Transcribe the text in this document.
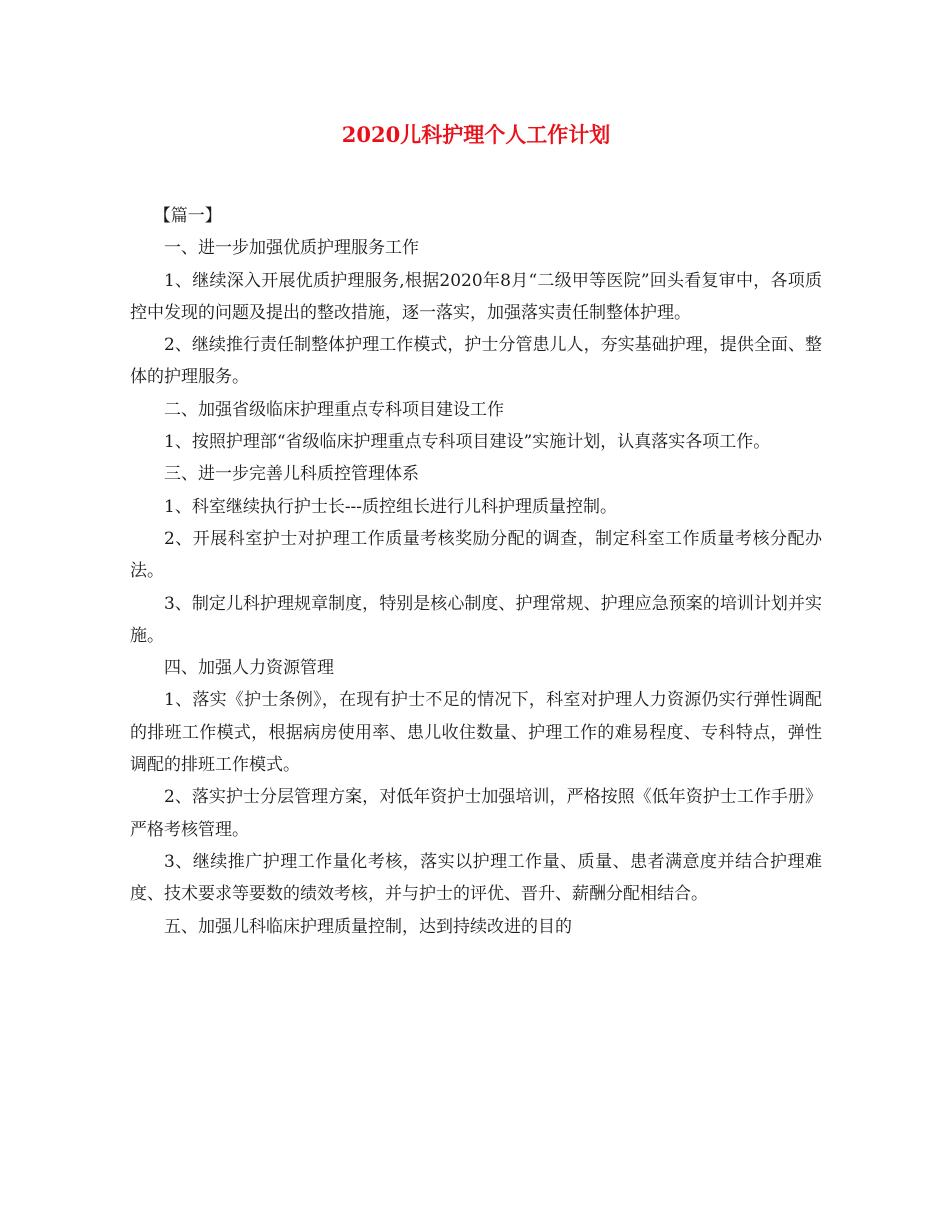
2020儿科护理个人工作计划

【篇一】

一、进一步加强优质护理服务工作

1、继续深入开展优质护理服务,根据2020年8月“二级甲等医院”回头看复审中，各项质控中发现的问题及提出的整改措施，逐一落实，加强落实责任制整体护理。

2、继续推行责任制整体护理工作模式，护士分管患儿人，夯实基础护理，提供全面、整体的护理服务。

二、加强省级临床护理重点专科项目建设工作

1、按照护理部“省级临床护理重点专科项目建设”实施计划，认真落实各项工作。

三、进一步完善儿科质控管理体系

1、科室继续执行护士长---质控组长进行儿科护理质量控制。

2、开展科室护士对护理工作质量考核奖励分配的调查，制定科室工作质量考核分配办法。

3、制定儿科护理规章制度，特别是核心制度、护理常规、护理应急预案的培训计划并实施。

四、加强人力资源管理

1、落实《护士条例》，在现有护士不足的情况下，科室对护理人力资源仍实行弹性调配的排班工作模式，根据病房使用率、患儿收住数量、护理工作的难易程度、专科特点，弹性调配的排班工作模式。

2、落实护士分层管理方案，对低年资护士加强培训，严格按照《低年资护士工作手册》严格考核管理。

3、继续推广护理工作量化考核，落实以护理工作量、质量、患者满意度并结合护理难度、技术要求等要数的绩效考核，并与护士的评优、晋升、薪酬分配相结合。

五、加强儿科临床护理质量控制，达到持续改进的目的
